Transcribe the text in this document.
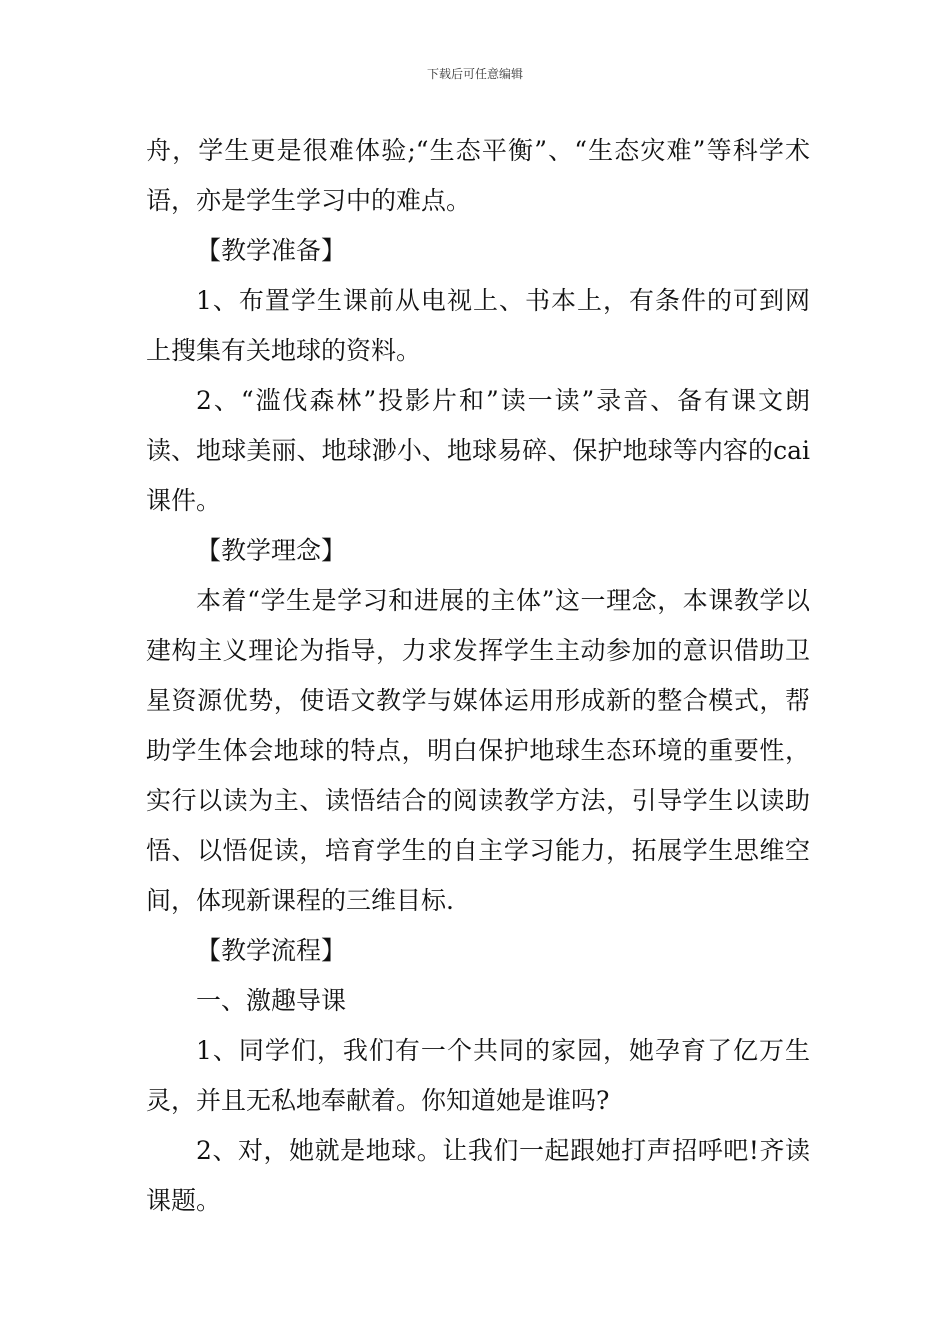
下载后可任意编辑

舟，学生更是很难体验;“生态平衡”、“生态灾难”等科学术语，亦是学生学习中的难点。

【教学准备】

1、布置学生课前从电视上、书本上，有条件的可到网上搜集有关地球的资料。

2、“滥伐森林”投影片和”读一读”录音、备有课文朗读、地球美丽、地球渺小、地球易碎、保护地球等内容的cai课件。

【教学理念】

本着“学生是学习和进展的主体”这一理念，本课教学以建构主义理论为指导，力求发挥学生主动参加的意识借助卫星资源优势，使语文教学与媒体运用形成新的整合模式，帮助学生体会地球的特点，明白保护地球生态环境的重要性，实行以读为主、读悟结合的阅读教学方法，引导学生以读助悟、以悟促读，培育学生的自主学习能力，拓展学生思维空间，体现新课程的三维目标.

【教学流程】

一、激趣导课

1、同学们，我们有一个共同的家园，她孕育了亿万生灵，并且无私地奉献着。你知道她是谁吗?

2、对，她就是地球。让我们一起跟她打声招呼吧!齐读课题。
